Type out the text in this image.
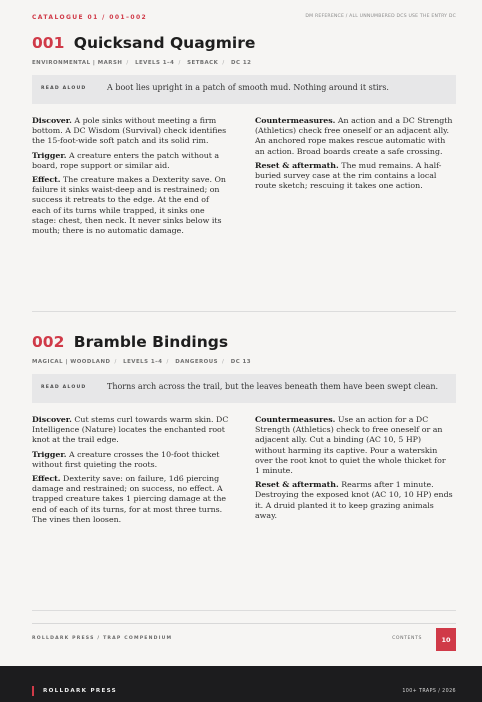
CATALOGUE 01 / 001–002	DM REFERENCE / ALL UNNUMBERED DCS USE THE ENTRY DC
001 Quicksand Quagmire
ENVIRONMENTAL | MARSH / LEVELS 1–4 / SETBACK / DC 12
READ ALOUD	A boot lies upright in a patch of smooth mud. Nothing around it stirs.

Discover. A pole sinks without meeting a firm bottom. A DC Wisdom (Survival) check identifies the 15-foot-wide soft patch and its solid rim.

Trigger. A creature enters the patch without a board, rope support or similar aid.

Effect. The creature makes a Dexterity save. On failure it sinks waist-deep and is restrained; on success it retreats to the edge. At the end of each of its turns while trapped, it sinks one stage: chest, then neck. It never sinks below its mouth; there is no automatic damage.

Countermeasures. An action and a DC Strength (Athletics) check free oneself or an adjacent ally. An anchored rope makes rescue automatic with an action. Broad boards create a safe crossing.

Reset & aftermath. The mud remains. A half-buried survey case at the rim contains a local route sketch; rescuing it takes one action.

002 Bramble Bindings
MAGICAL | WOODLAND / LEVELS 1–4 / DANGEROUS / DC 13
READ ALOUD	Thorns arch across the trail, but the leaves beneath them have been swept clean.

Discover. Cut stems curl towards warm skin. DC Intelligence (Nature) locates the enchanted root knot at the trail edge.

Trigger. A creature crosses the 10-foot thicket without first quieting the roots.

Effect. Dexterity save: on failure, 1d6 piercing damage and restrained; on success, no effect. A trapped creature takes 1 piercing damage at the end of each of its turns, for at most three turns. The vines then loosen.

Countermeasures. Use an action for a DC Strength (Athletics) check to free oneself or an adjacent ally. Cut a binding (AC 10, 5 HP) without harming its captive. Pour a waterskin over the root knot to quiet the whole thicket for 1 minute.

Reset & aftermath. Rearms after 1 minute. Destroying the exposed knot (AC 10, 10 HP) ends it. A druid planted it to keep grazing animals away.

ROLLDARK PRESS / TRAP COMPENDIUM	CONTENTS	10
ROLLDARK PRESS	100+ TRAPS / 2026
